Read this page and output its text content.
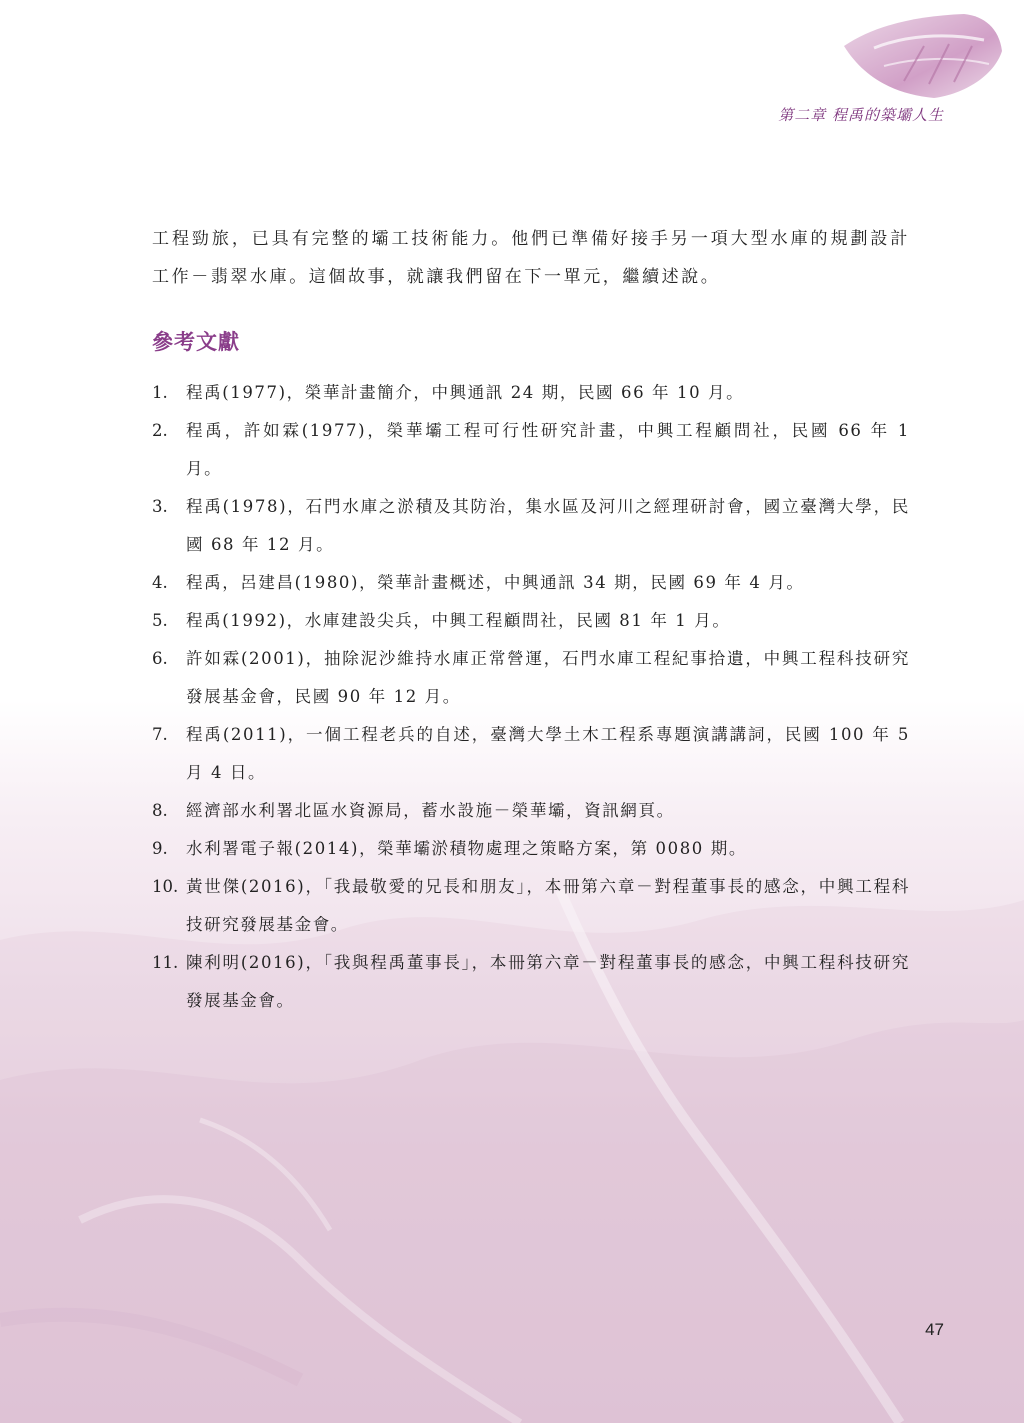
第二章 程禹的築壩人生

工程勁旅，已具有完整的壩工技術能力。他們已準備好接手另一項大型水庫的規劃設計工作－翡翠水庫。這個故事，就讓我們留在下一單元，繼續述說。

參考文獻
1.	程禹(1977)，榮華計畫簡介，中興通訊 24 期，民國 66 年 10 月。
2.	程禹，許如霖(1977)，榮華壩工程可行性研究計畫，中興工程顧問社，民國 66 年 1 月。
3.	程禹(1978)，石門水庫之淤積及其防治，集水區及河川之經理研討會，國立臺灣大學，民國 68 年 12 月。
4.	程禹，呂建昌(1980)，榮華計畫概述，中興通訊 34 期，民國 69 年 4 月。
5.	程禹(1992)，水庫建設尖兵，中興工程顧問社，民國 81 年 1 月。
6.	許如霖(2001)，抽除泥沙維持水庫正常營運，石門水庫工程紀事拾遺，中興工程科技研究發展基金會，民國 90 年 12 月。
7.	程禹(2011)，一個工程老兵的自述，臺灣大學土木工程系專題演講講詞，民國 100 年 5 月 4 日。
8.	經濟部水利署北區水資源局，蓄水設施－榮華壩，資訊網頁。
9.	水利署電子報(2014)，榮華壩淤積物處理之策略方案，第 0080 期。
10. 黃世傑(2016)，「我最敬愛的兄長和朋友」，本冊第六章－對程董事長的感念，中興工程科技研究發展基金會。
11. 陳利明(2016)，「我與程禹董事長」，本冊第六章－對程董事長的感念，中興工程科技研究發展基金會。
47
